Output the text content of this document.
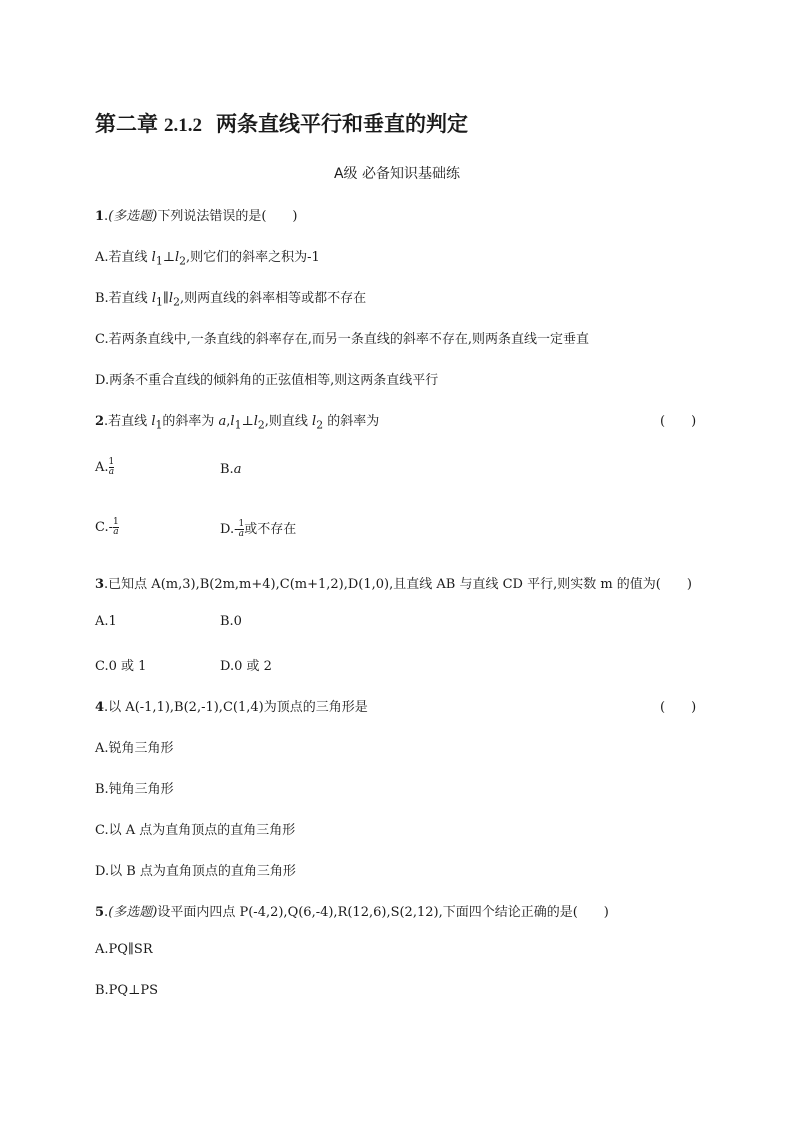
第二章 2.1.2 两条直线平行和垂直的判定
A级 必备知识基础练
1.(多选题)下列说法错误的是(　　)
A.若直线 $l_1\perp l_2$,则它们的斜率之积为-1
B.若直线 $l_1\parallel l_2$,则两直线的斜率相等或都不存在
C.若两条直线中,一条直线的斜率存在,而另一条直线的斜率不存在,则两条直线一定垂直
D.两条不重合直线的倾斜角的正弦值相等,则这两条直线平行
2.若直线 $l_1$的斜率为 $a,l_1\perp l_2$,则直线 $l_2$ 的斜率为	(　　)
A. $\frac{1}{a}$	B.a
$C.- \frac{1}{a}$	$D.- \frac{1}{a}$ 或不存在
3.已知点 A(m,3),B(2m,m+4),C(m+1,2),D(1,0),且直线 AB 与直线 CD 平行,则实数 m 的值为(　　)
A.1	B.0
C.0 或 1	D.0 或 2
4.以 A(-1,1),B(2,-1),C(1,4)为顶点的三角形是	(　　)
A.锐角三角形
B.钝角三角形
C.以 A 点为直角顶点的直角三角形
D.以 B 点为直角顶点的直角三角形
5.(多选题)设平面内四点 P(-4,2),Q(6,-4),R(12,6),S(2,12),下面四个结论正确的是(　　)
A.PQ∥SR
B.PQ⊥PS
